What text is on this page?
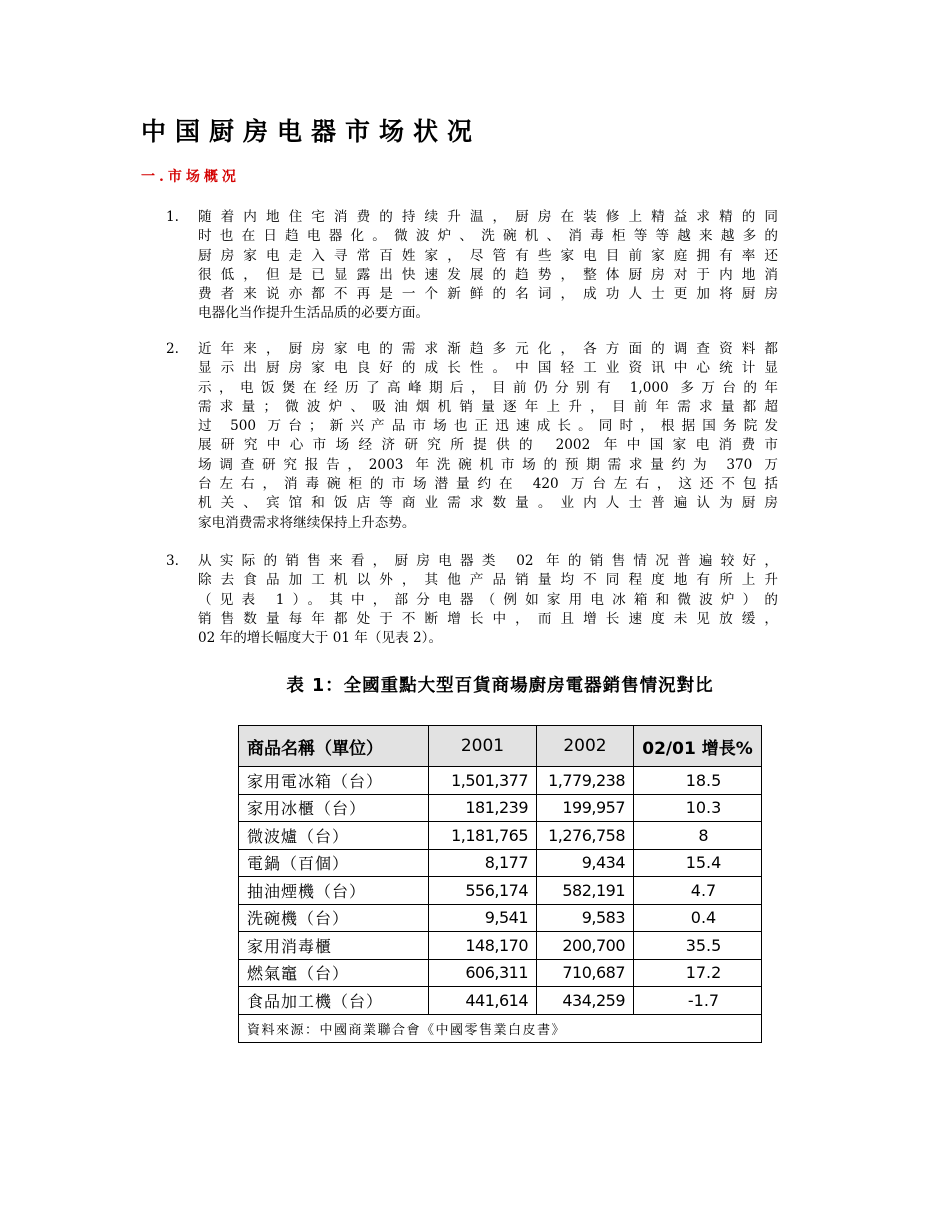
中国厨房电器市场状况
一.市场概况
1.	随着内地住宅消费的持续升温，厨房在装修上精益求精的同
时也在日趋电器化。微波炉、洗碗机、消毒柜等等越来越多的
厨房家电走入寻常百姓家，尽管有些家电目前家庭拥有率还
很低，但是已显露出快速发展的趋势，整体厨房对于内地消
费者来说亦都不再是一个新鲜的名词，成功人士更加将厨房
电器化当作提升生活品质的必要方面。
2.	近年来，厨房家电的需求渐趋多元化，各方面的调查资料都
显示出厨房家电良好的成长性。中国轻工业资讯中心统计显
示，电饭煲在经历了高峰期后，目前仍分别有 1,000 多万台的年
需求量；微波炉、吸油烟机销量逐年上升，目前年需求量都超
过 500 万台；新兴产品市场也正迅速成长。同时，根据国务院发
展研究中心市场经济研究所提供的 2002 年中国家电消费市
场调查研究报告，2003 年洗碗机市场的预期需求量约为 370 万
台左右，消毒碗柜的市场潜量约在 420 万台左右，这还不包括
机关、宾馆和饭店等商业需求数量。业内人士普遍认为厨房
家电消费需求将继续保持上升态势。
3.	从实际的销售来看，厨房电器类 02 年的销售情况普遍较好，
除去食品加工机以外，其他产品销量均不同程度地有所上升
（见表 1）。其中，部分电器（例如家用电冰箱和微波炉）的
销售数量每年都处于不断增长中，而且增长速度未见放缓，
02 年的增长幅度大于 01 年（见表 2）。
表 1：全國重點大型百貨商場廚房電器銷售情況對比
商品名稱（單位）	2001	2002	02/01 增長%
家用電冰箱（台）	1,501,377	1,779,238	18.5
家用冰櫃（台）	181,239	199,957	10.3
微波爐（台）	1,181,765	1,276,758	8
電鍋（百個）	8,177	9,434	15.4
抽油煙機（台）	556,174	582,191	4.7
洗碗機（台）	9,541	9,583	0.4
家用消毒櫃	148,170	200,700	35.5
燃氣竈（台）	606,311	710,687	17.2
食品加工機（台）	441,614	434,259	-1.7
資料來源：中國商業聯合會《中國零售業白皮書》			
